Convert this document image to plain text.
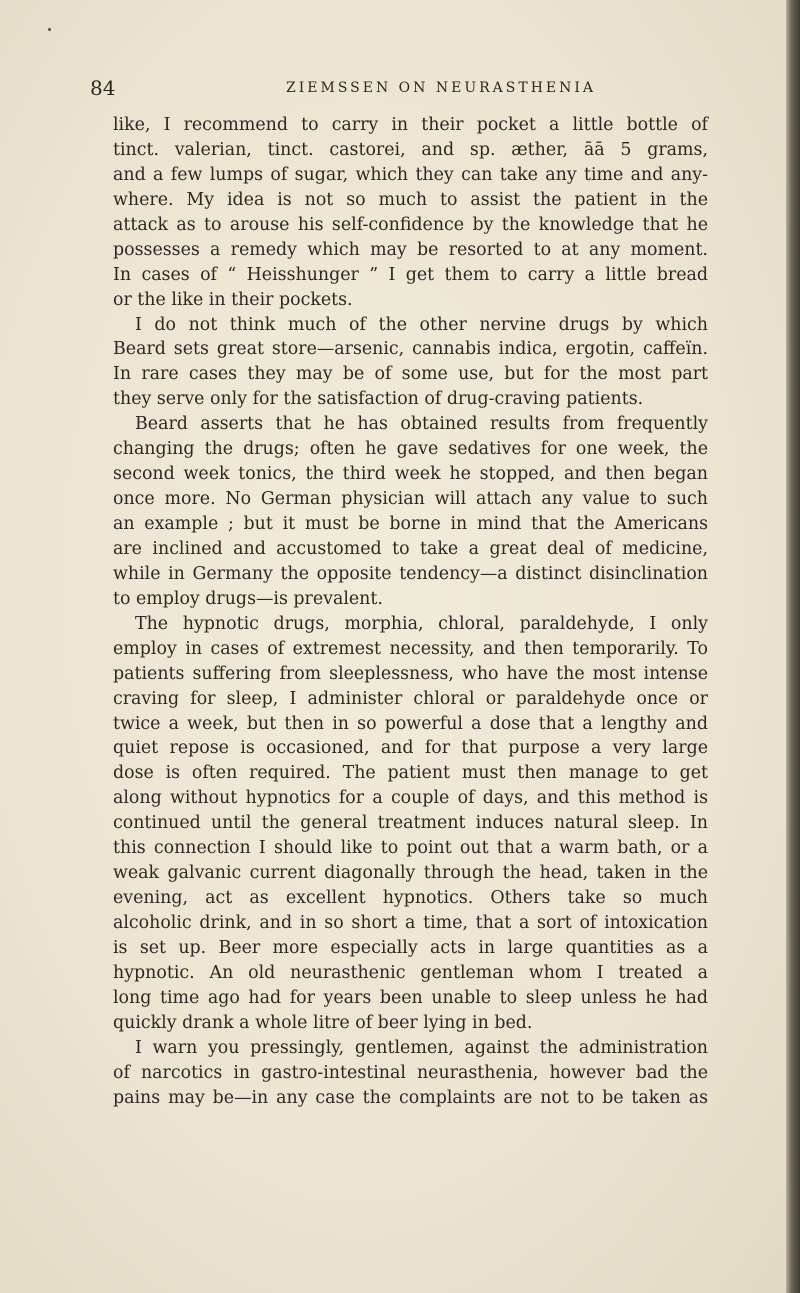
84	ZIEMSSEN ON NEURASTHENIA
like, I recommend to carry in their pocket a little bottle of
tinct. valerian, tinct. castorei, and sp. æther, āā 5 grams,
and a few lumps of sugar, which they can take any time and any-
where. My idea is not so much to assist the patient in the
attack as to arouse his self-confidence by the knowledge that he
possesses a remedy which may be resorted to at any moment.
In cases of “ Heisshunger ” I get them to carry a little bread
or the like in their pockets.
I do not think much of the other nervine drugs by which
Beard sets great store—arsenic, cannabis indica, ergotin, caffeïn.
In rare cases they may be of some use, but for the most part
they serve only for the satisfaction of drug-craving patients.
Beard asserts that he has obtained results from frequently
changing the drugs; often he gave sedatives for one week, the
second week tonics, the third week he stopped, and then began
once more. No German physician will attach any value to such
an example ; but it must be borne in mind that the Americans
are inclined and accustomed to take a great deal of medicine,
while in Germany the opposite tendency—a distinct disinclination
to employ drugs—is prevalent.
The hypnotic drugs, morphia, chloral, paraldehyde, I only
employ in cases of extremest necessity, and then temporarily. To
patients suffering from sleeplessness, who have the most intense
craving for sleep, I administer chloral or paraldehyde once or
twice a week, but then in so powerful a dose that a lengthy and
quiet repose is occasioned, and for that purpose a very large
dose is often required. The patient must then manage to get
along without hypnotics for a couple of days, and this method is
continued until the general treatment induces natural sleep. In
this connection I should like to point out that a warm bath, or a
weak galvanic current diagonally through the head, taken in the
evening, act as excellent hypnotics. Others take so much
alcoholic drink, and in so short a time, that a sort of intoxication
is set up. Beer more especially acts in large quantities as a
hypnotic. An old neurasthenic gentleman whom I treated a
long time ago had for years been unable to sleep unless he had
quickly drank a whole litre of beer lying in bed.
I warn you pressingly, gentlemen, against the administration
of narcotics in gastro-intestinal neurasthenia, however bad the
pains may be—in any case the complaints are not to be taken as
